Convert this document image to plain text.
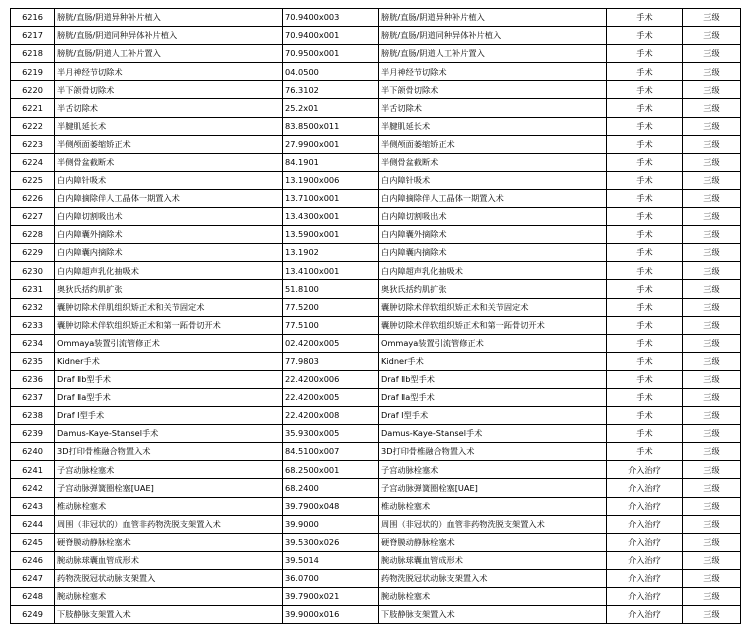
6216	膀胱/直肠/阴道异种补片植入	70.9400x003	膀胱/直肠/阴道异种补片植入	手术	三级
6217	膀胱/直肠/阴道同种异体补片植入	70.9400x001	膀胱/直肠/阴道同种异体补片植入	手术	三级
6218	膀胱/直肠/阴道人工补片置入	70.9500x001	膀胱/直肠/阴道人工补片置入	手术	三级
6219	半月神经节切除术	04.0500	半月神经节切除术	手术	三级
6220	半下颌骨切除术	76.3102	半下颌骨切除术	手术	三级
6221	半舌切除术	25.2x01	半舌切除术	手术	三级
6222	半腱肌延长术	83.8500x011	半腱肌延长术	手术	三级
6223	半侧颅面萎缩矫正术	27.9900x001	半侧颅面萎缩矫正术	手术	三级
6224	半侧骨盆截断术	84.1901	半侧骨盆截断术	手术	三级
6225	白内障针吸术	13.1900x006	白内障针吸术	手术	三级
6226	白内障摘除伴人工晶体一期置入术	13.7100x001	白内障摘除伴人工晶体一期置入术	手术	三级
6227	白内障切割吸出术	13.4300x001	白内障切割吸出术	手术	三级
6228	白内障囊外摘除术	13.5900x001	白内障囊外摘除术	手术	三级
6229	白内障囊内摘除术	13.1902	白内障囊内摘除术	手术	三级
6230	白内障超声乳化抽吸术	13.4100x001	白内障超声乳化抽吸术	手术	三级
6231	奥狄氏括约肌扩张	51.8100	奥狄氏括约肌扩张	手术	三级
6232	囊肿切除术伴肌组织矫正术和关节固定术	77.5200	囊肿切除术伴软组织矫正术和关节固定术	手术	三级
6233	囊肿切除术伴软组织矫正术和第一跖骨切开术	77.5100	囊肿切除术伴软组织矫正术和第一跖骨切开术	手术	三级
6234	Ommaya装置引流管修正术	02.4200x005	Ommaya装置引流管修正术	手术	三级
6235	Kidner手术	77.9803	Kidner手术	手术	三级
6236	Draf Ⅱb型手术	22.4200x006	Draf Ⅱb型手术	手术	三级
6237	Draf Ⅱa型手术	22.4200x005	Draf Ⅱa型手术	手术	三级
6238	Draf Ⅰ型手术	22.4200x008	Draf Ⅰ型手术	手术	三级
6239	Damus-Kaye-Stansel手术	35.9300x005	Damus-Kaye-Stansel手术	手术	三级
6240	3D打印骨椎融合物置入术	84.5100x007	3D打印骨椎融合物置入术	手术	三级
6241	子宫动脉栓塞术	68.2500x001	子宫动脉栓塞术	介入治疗	三级
6242	子宫动脉弹簧圈栓塞[UAE]	68.2400	子宫动脉弹簧圈栓塞[UAE]	介入治疗	三级
6243	椎动脉栓塞术	39.7900x048	椎动脉栓塞术	介入治疗	三级
6244	周围（非冠状的）血管非药物洗脱支架置入术	39.9000	周围（非冠状的）血管非药物洗脱支架置入术	介入治疗	三级
6245	硬脊膜动静脉栓塞术	39.5300x026	硬脊膜动静脉栓塞术	介入治疗	三级
6246	腕动脉球囊血管成形术	39.5014	腕动脉球囊血管成形术	介入治疗	三级
6247	药物洗脱冠状动脉支架置入	36.0700	药物洗脱冠状动脉支架置入术	介入治疗	三级
6248	腕动脉栓塞术	39.7900x021	腕动脉栓塞术	介入治疗	三级
6249	下肢静脉支架置入术	39.9000x016	下肢静脉支架置入术	介入治疗	三级
